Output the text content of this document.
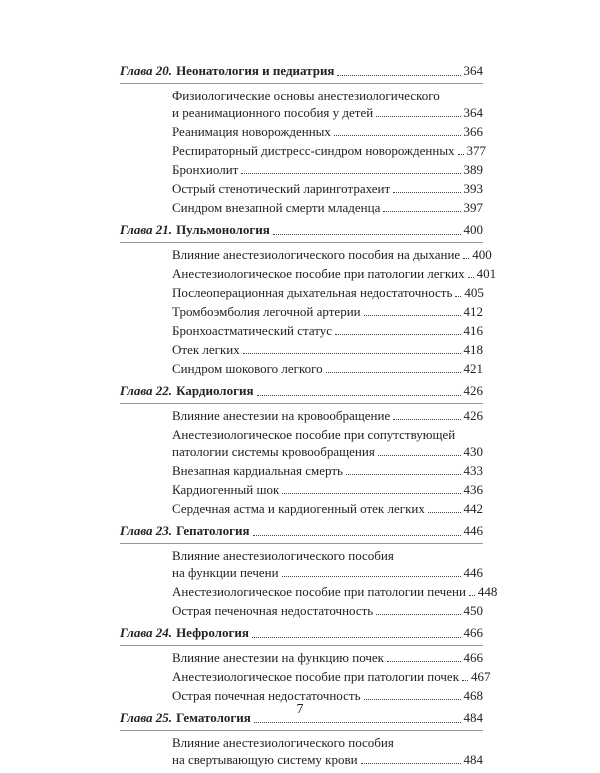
Глава 20. Неонатология и педиатрия	364
Физиологические основы анестезиологического
и реанимационного пособия у детей	364
Реанимация новорожденных	366
Респираторный дистресс-синдром новорожденных 377
Бронхиолит	389
Острый стенотический ларинготрахеит	393
Синдром внезапной смерти младенца	397
Глава 21. Пульмонология	400
Влияние анестезиологического пособия на дыхание 400
Анестезиологическое пособие при патологии легких 401
Послеоперационная дыхательная недостаточность 405
Тромбоэмболия легочной артерии	412
Бронхоастматический статус	416
Отек легких	418
Синдром шокового легкого	421
Глава 22. Кардиология	426
Влияние анестезии на кровообращение	426
Анестезиологическое пособие при сопутствующей
патологии системы кровообращения	430
Внезапная кардиальная смерть	433
Кардиогенный шок	436
Сердечная астма и кардиогенный отек легких	442
Глава 23. Гепатология	446
Влияние анестезиологического пособия
на функции печени	446
Анестезиологическое пособие при патологии печени 448
Острая печеночная недостаточность	450
Глава 24. Нефрология	466
Влияние анестезии на функцию почек	466
Анестезиологическое пособие при патологии почек 467
Острая почечная недостаточность	468
Глава 25. Гематология	484
Влияние анестезиологического пособия
на свертывающую систему крови	484
7
